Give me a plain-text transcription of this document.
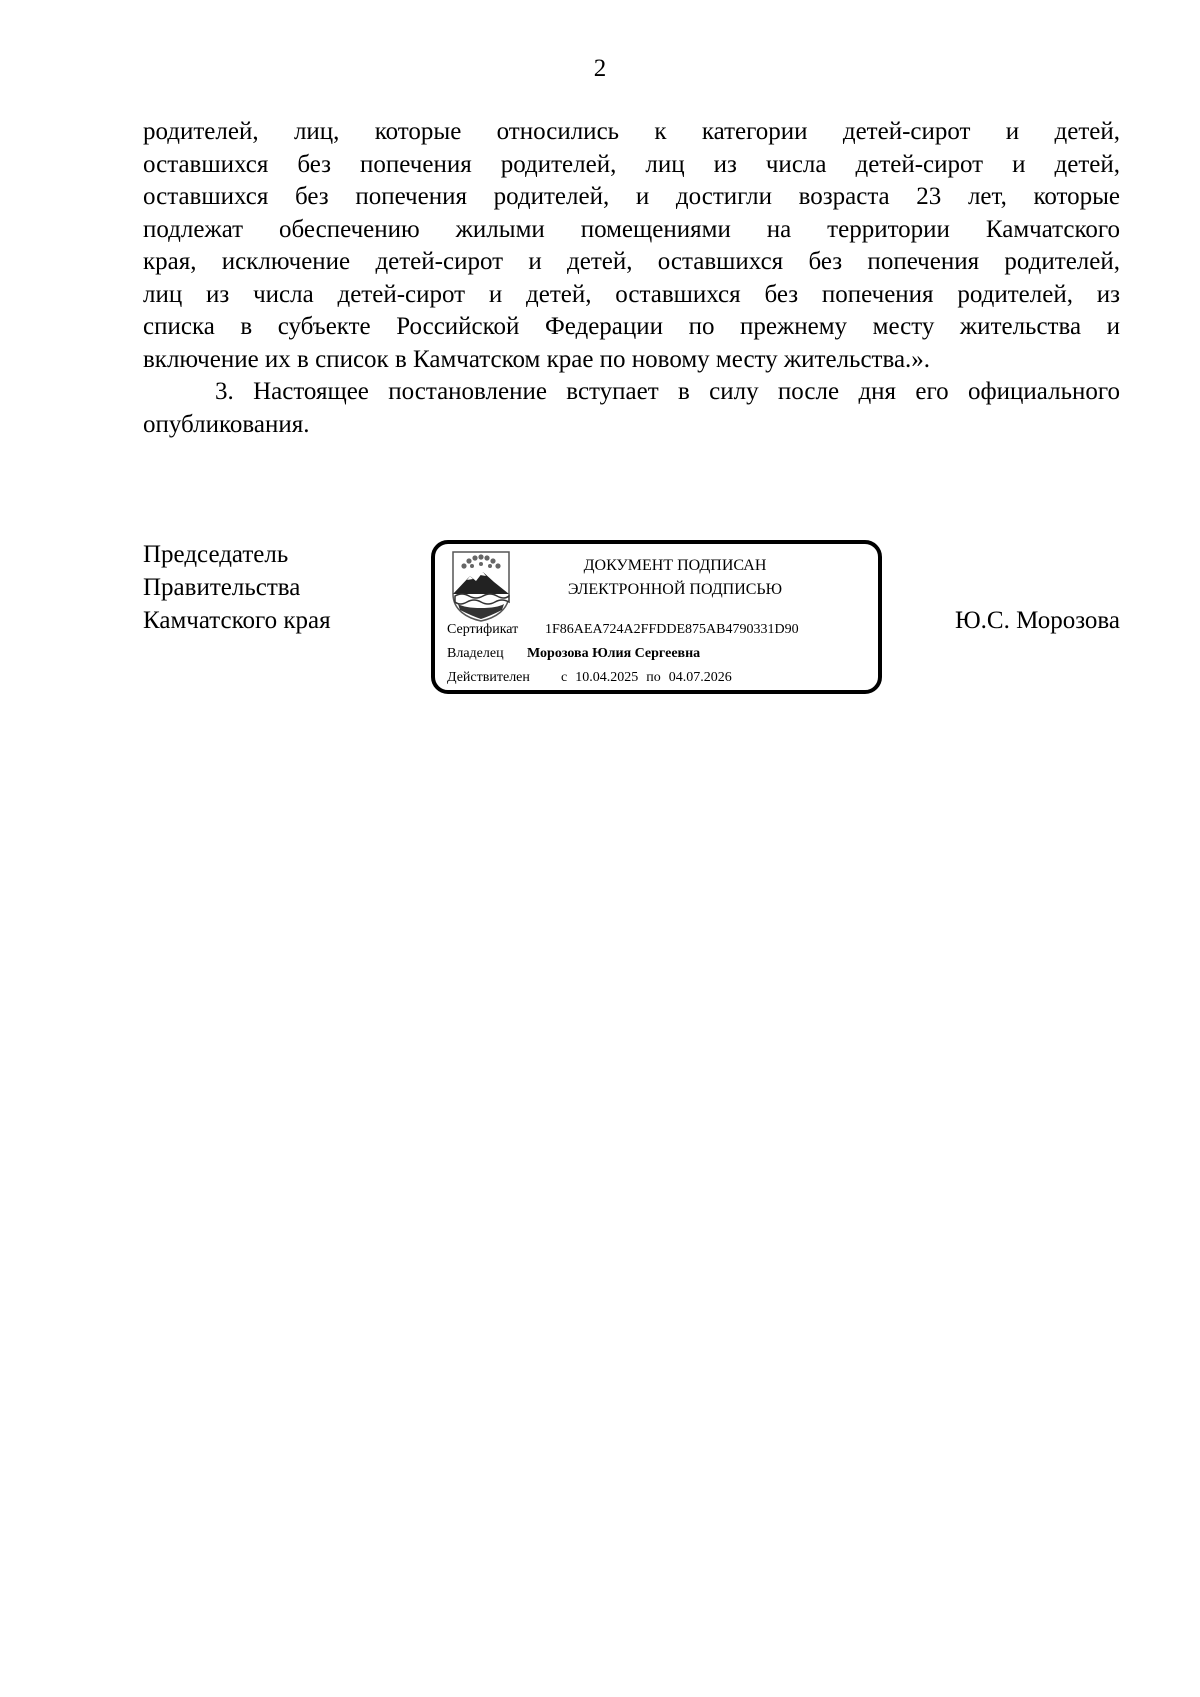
2

родителей, лиц, которые относились к категории детей-сирот и детей,
оставшихся без попечения родителей, лиц из числа детей-сирот и детей,
оставшихся без попечения родителей, и достигли возраста 23 лет, которые
подлежат обеспечению жилыми помещениями на территории Камчатского
края, исключение детей-сирот и детей, оставшихся без попечения родителей,
лиц из числа детей-сирот и детей, оставшихся без попечения родителей, из
списка в субъекте Российской Федерации по прежнему месту жительства и
включение их в список в Камчатском крае по новому месту жительства.».

3. Настоящее постановление вступает в силу после дня его официального
опубликования.

Председатель
Правительства
Камчатского края	Ю.С. Морозова
ДОКУМЕНТ ПОДПИСАН
ЭЛЕКТРОННОЙ ПОДПИСЬЮ
Сертификат 1F86AEA724A2FFDDE875AB4790331D90
Владелец Морозова Юлия Сергеевна
Действителен с 10.04.2025 по 04.07.2026
